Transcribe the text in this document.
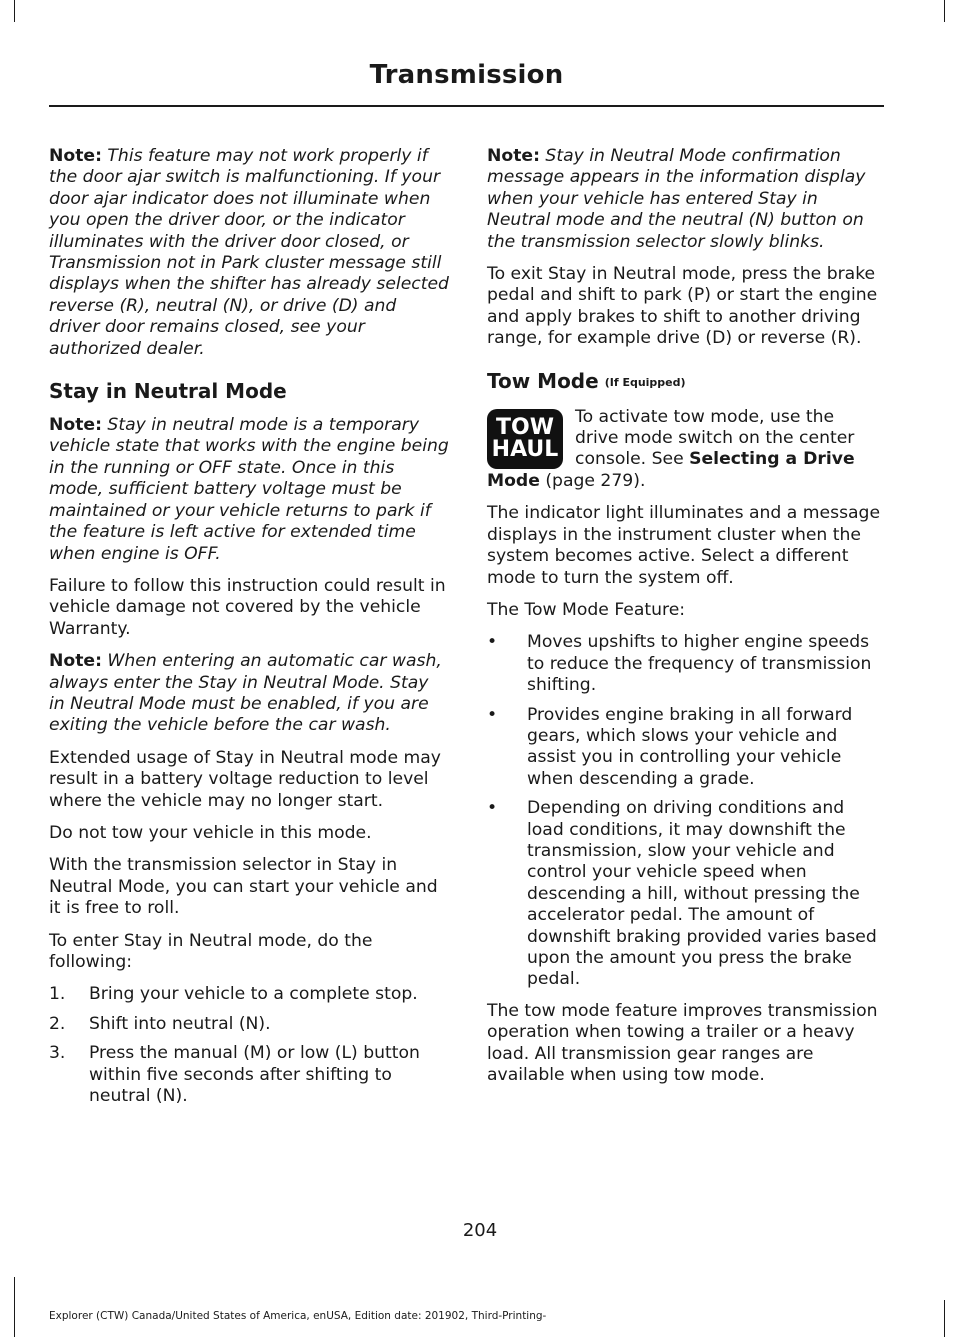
Transmission

Note: This feature may not work properly if the door ajar switch is malfunctioning. If your door ajar indicator does not illuminate when you open the driver door, or the indicator illuminates with the driver door closed, or Transmission not in Park cluster message still displays when the shifter has already selected reverse (R), neutral (N), or drive (D) and driver door remains closed, see your authorized dealer.

Stay in Neutral Mode

Note: Stay in neutral mode is a temporary vehicle state that works with the engine being in the running or OFF state. Once in this mode, sufficient battery voltage must be maintained or your vehicle returns to park if the feature is left active for extended time when engine is OFF.

Failure to follow this instruction could result in vehicle damage not covered by the vehicle Warranty.

Note: When entering an automatic car wash, always enter the Stay in Neutral Mode. Stay in Neutral Mode must be enabled, if you are exiting the vehicle before the car wash.

Extended usage of Stay in Neutral mode may result in a battery voltage reduction to level where the vehicle may no longer start.

Do not tow your vehicle in this mode.

With the transmission selector in Stay in Neutral Mode, you can start your vehicle and it is free to roll.

To enter Stay in Neutral mode, do the following:

1. Bring your vehicle to a complete stop.
2. Shift into neutral (N).
3. Press the manual (M) or low (L) button within five seconds after shifting to neutral (N).

Note: Stay in Neutral Mode confirmation message appears in the information display when your vehicle has entered Stay in Neutral mode and the neutral (N) button on the transmission selector slowly blinks.

To exit Stay in Neutral mode, press the brake pedal and shift to park (P) or start the engine and apply brakes to shift to another driving range, for example drive (D) or reverse (R).

Tow Mode (If Equipped)
TOW
HAUL

To activate tow mode, use the drive mode switch on the center console. See Selecting a Drive Mode (page 279).

The indicator light illuminates and a message displays in the instrument cluster when the system becomes active. Select a different mode to turn the system off.

The Tow Mode Feature:

• Moves upshifts to higher engine speeds to reduce the frequency of transmission shifting.
• Provides engine braking in all forward gears, which slows your vehicle and assist you in controlling your vehicle when descending a grade.
• Depending on driving conditions and load conditions, it may downshift the transmission, slow your vehicle and control your vehicle speed when descending a hill, without pressing the accelerator pedal. The amount of downshift braking provided varies based upon the amount you press the brake pedal.

The tow mode feature improves transmission operation when towing a trailer or a heavy load. All transmission gear ranges are available when using tow mode.

204
Explorer (CTW) Canada/United States of America, enUSA, Edition date: 201902, Third-Printing-
